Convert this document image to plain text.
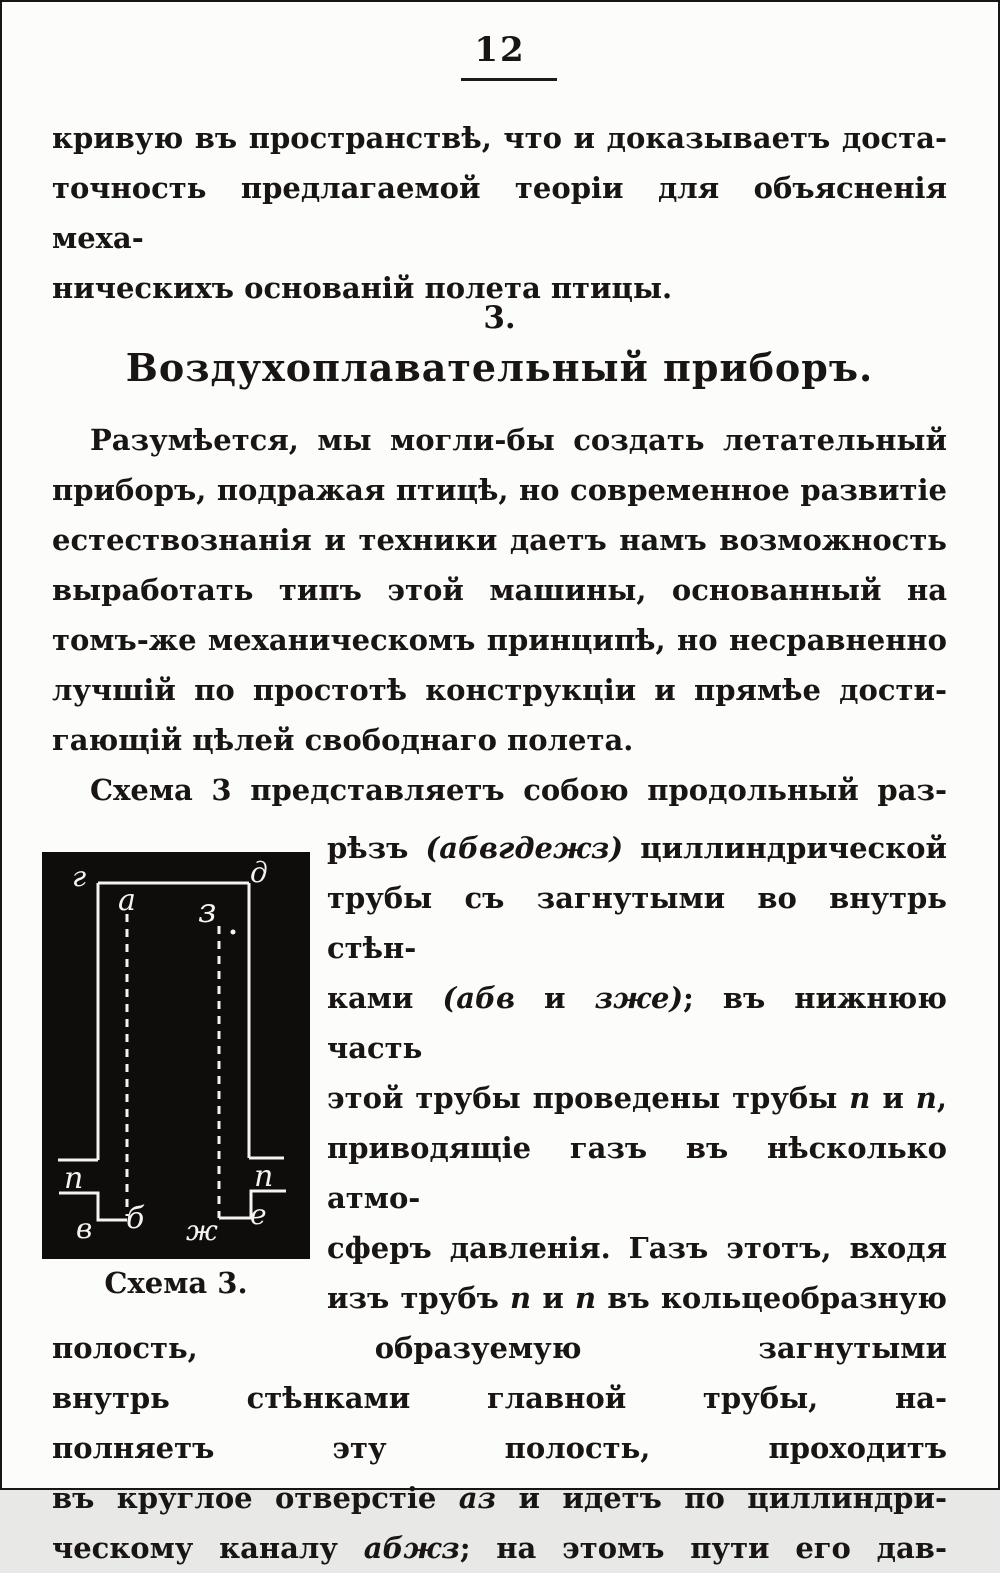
12
кривую въ пространствѣ, что и доказываетъ доста-
точность предлагаемой теоріи для объясненія меха-
ническихъ основаній полета птицы.
3.
Воздухоплавательный приборъ.
Разумѣется, мы могли-бы создать летательный
приборъ, подражая птицѣ, но современное развитіе
естествознанія и техники даетъ намъ возможность
выработать типъ этой машины, основанный на
томъ-же механическомъ принципѣ, но несравненно
лучшій по простотѣ конструкціи и прямѣе дости-
гающій цѣлей свободнаго полета.
Схема 3 представляетъ собою продольный раз-
г	д
а з
n	n
в б ж е
Схема 3.
рѣзъ (абвгдежз) циллиндрической
трубы съ загнутыми во внутрь стѣн-
ками (абв и зже); въ нижнюю часть
этой трубы проведены трубы n и n,
приводящіе газъ въ нѣсколько атмо-
сферъ давленія. Газъ этотъ, входя
изъ трубъ n и n въ кольцеобразную
полость, образуемую загнутыми
внутрь стѣнками главной трубы, на-
полняетъ эту полость, проходитъ
въ круглое отверстіе аз и идетъ по циллиндри-
ческому каналу абжз; на этомъ пути его дав-
